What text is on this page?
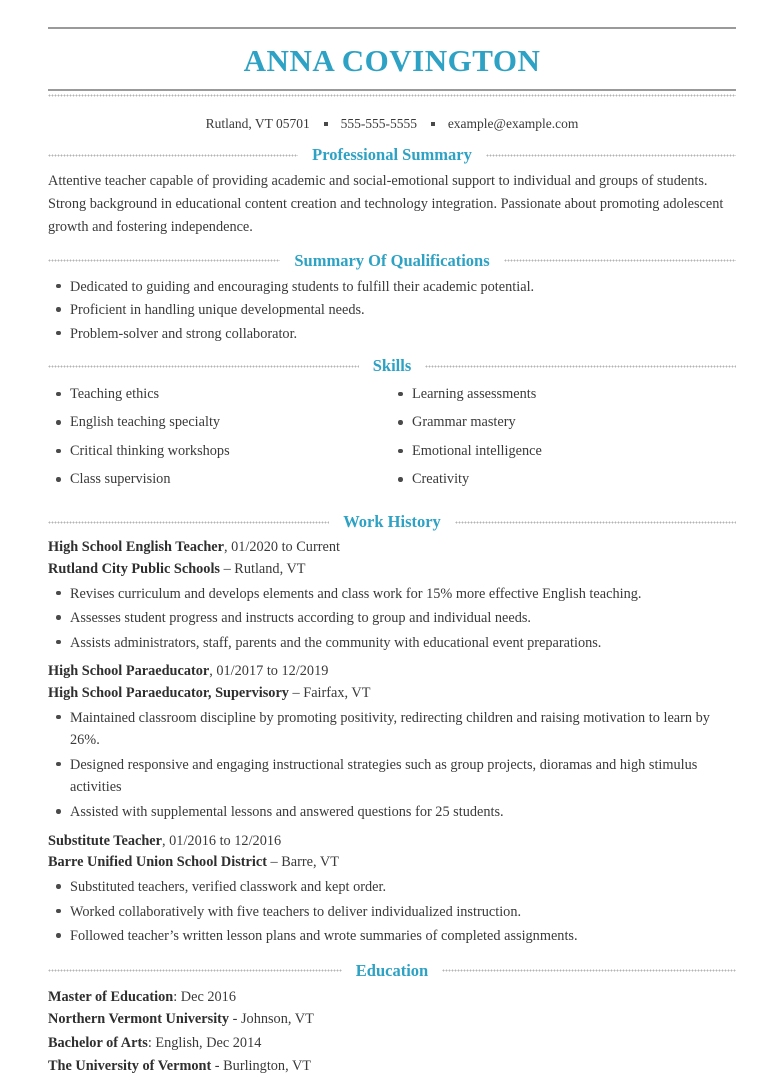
ANNA COVINGTON
Rutland, VT 05701 555-555-5555 example@example.com
Professional Summary

Attentive teacher capable of providing academic and social-emotional support to individual and groups of students. Strong background in educational content creation and technology integration. Passionate about promoting adolescent growth and fostering independence.

Summary Of Qualifications
Dedicated to guiding and encouraging students to fulfill their academic potential.
Proficient in handling unique developmental needs.
Problem-solver and strong collaborator.
Skills
Teaching ethics
English teaching specialty
Critical thinking workshops
Class supervision
Learning assessments
Grammar mastery
Emotional intelligence
Creativity
Work History
High School English Teacher, 01/2020 to Current
Rutland City Public Schools – Rutland, VT
Revises curriculum and develops elements and class work for 15% more effective English teaching.
Assesses student progress and instructs according to group and individual needs.
Assists administrators, staff, parents and the community with educational event preparations.
High School Paraeducator, 01/2017 to 12/2019
High School Paraeducator, Supervisory – Fairfax, VT
Maintained classroom discipline by promoting positivity, redirecting children and raising motivation to learn by 26%.
Designed responsive and engaging instructional strategies such as group projects, dioramas and high stimulus activities
Assisted with supplemental lessons and answered questions for 25 students.
Substitute Teacher, 01/2016 to 12/2016
Barre Unified Union School District – Barre, VT
Substituted teachers, verified classwork and kept order.
Worked collaboratively with five teachers to deliver individualized instruction.
Followed teacher’s written lesson plans and wrote summaries of completed assignments.
Education
Master of Education: Dec 2016
Northern Vermont University - Johnson, VT
Bachelor of Arts: English, Dec 2014
The University of Vermont - Burlington, VT
